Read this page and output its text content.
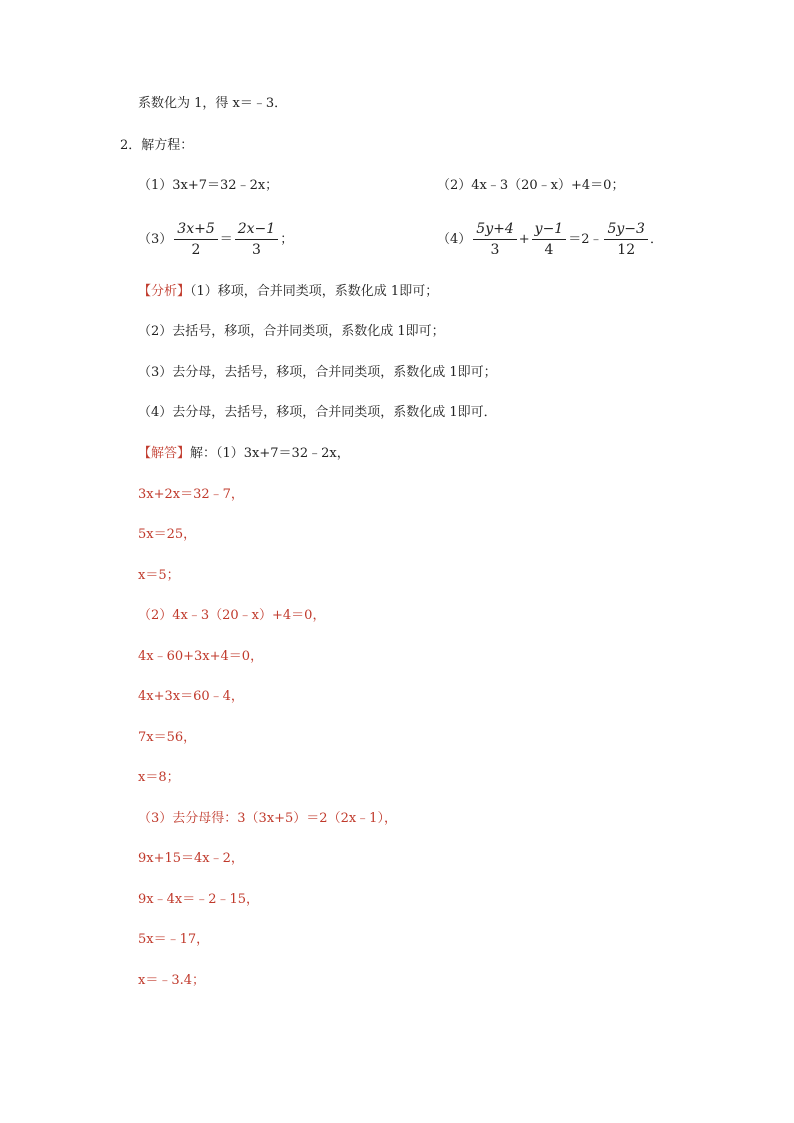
系数化为 1，得 x＝﹣3．
2．解方程：
（1）3x+7＝32﹣2x；	（2）4x﹣3（20﹣x）+4＝0；
$(3) \frac{3x+5}{2} = \frac{2x-1}{3}$ ；	$(4) \frac{5y+4}{3} + \frac{y-1}{4}$ ＝2﹣ $\frac{5y-3}{12}$ ．
【分析】（1）移项，合并同类项，系数化成 1即可；
（2）去括号，移项，合并同类项，系数化成 1即可；
（3）去分母，去括号，移项，合并同类项，系数化成 1即可；
（4）去分母，去括号，移项，合并同类项，系数化成 1即可．
【解答】解：（1）3x+7＝32﹣2x，
3x+2x＝32﹣7，
5x＝25，
x＝5；
（2）4x﹣3（20﹣x）+4＝0，
4x﹣60+3x+4＝0，
4x+3x＝60﹣4，
7x＝56，
x＝8；
（3）去分母得：3（3x+5）＝2（2x﹣1），
9x+15＝4x﹣2，
9x﹣4x＝﹣2﹣15，
5x＝﹣17，
x＝﹣3.4；
